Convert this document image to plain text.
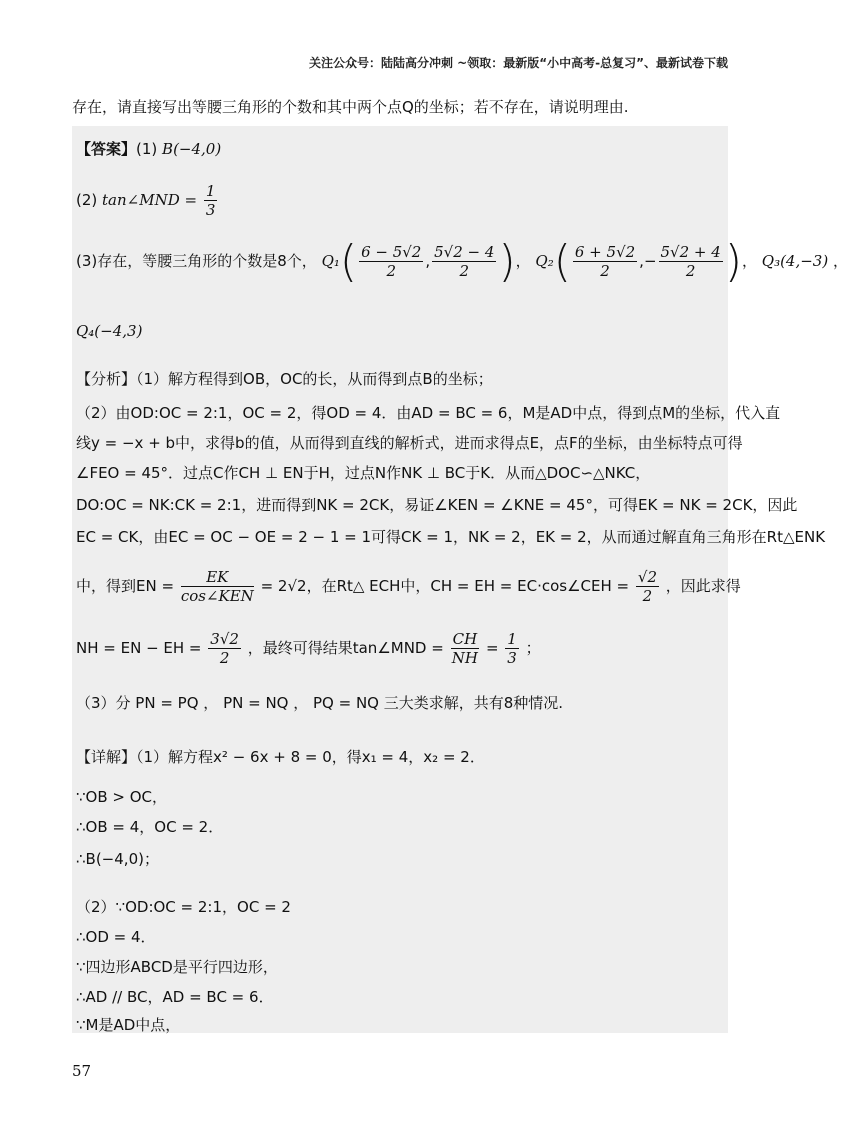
关注公众号：陆陆高分冲刺 ~领取：最新版“小中高考-总复习”、最新试卷下载
存在，请直接写出等腰三角形的个数和其中两个点Q的坐标；若不存在，请说明理由.
【答案】(1) B(−4,0)
(2) tan∠MND = $\frac{1}{3}$
(3)存在，等腰三角形的个数是8个， $Q_1( \frac{6 - 5√2}{2}$ , $\frac{5√2 - 4}{2}$ )， $Q_2( \frac{6 + 5√2}{2}$ ,− $\frac{5√2 + 4}{2}$ )， Q₃(4,−3) ，
Q₄(−4,3)
【分析】（1）解方程得到OB，OC的长，从而得到点B的坐标；
（2）由OD:OC = 2:1，OC = 2，得OD = 4．由AD = BC = 6，M是AD中点，得到点M的坐标，代入直
线y = −x + b中，求得b的值，从而得到直线的解析式，进而求得点E，点F的坐标，由坐标特点可得
∠FEO = 45°．过点C作CH ⊥ EN于H，过点N作NK ⊥ BC于K．从而△DOC∽△NKC，
DO:OC = NK:CK = 2:1，进而得到NK = 2CK，易证∠KEN = ∠KNE = 45°，可得EK = NK = 2CK，因此
EC = CK，由EC = OC − OE = 2 − 1 = 1可得CK = 1，NK = 2，EK = 2，从而通过解直角三角形在Rt△ENK
中，得到EN =	EK
cos∠KEN
= 2√2，在Rt△ ECH中，CH = EH = EC·cos∠CEH = $\frac{√2}{2}$ ，因此求得
NH = EN − EH = $\frac{3√2}{2}$ ，最终可得结果tan∠MND = $\frac{CH}{NH} = \frac{1}{3}$ ；
（3）分 PN = PQ ， PN = NQ ， PQ = NQ 三大类求解，共有8种情况.
【详解】（1）解方程x² − 6x + 8 = 0，得x₁ = 4，x₂ = 2．
∵OB > OC，
∴OB = 4，OC = 2．
∴B(−4,0)；
（2）∵OD:OC = 2:1，OC = 2
∴OD = 4．
∵四边形ABCD是平行四边形，
∴AD // BC，AD = BC = 6．
∵M是AD中点，
57
